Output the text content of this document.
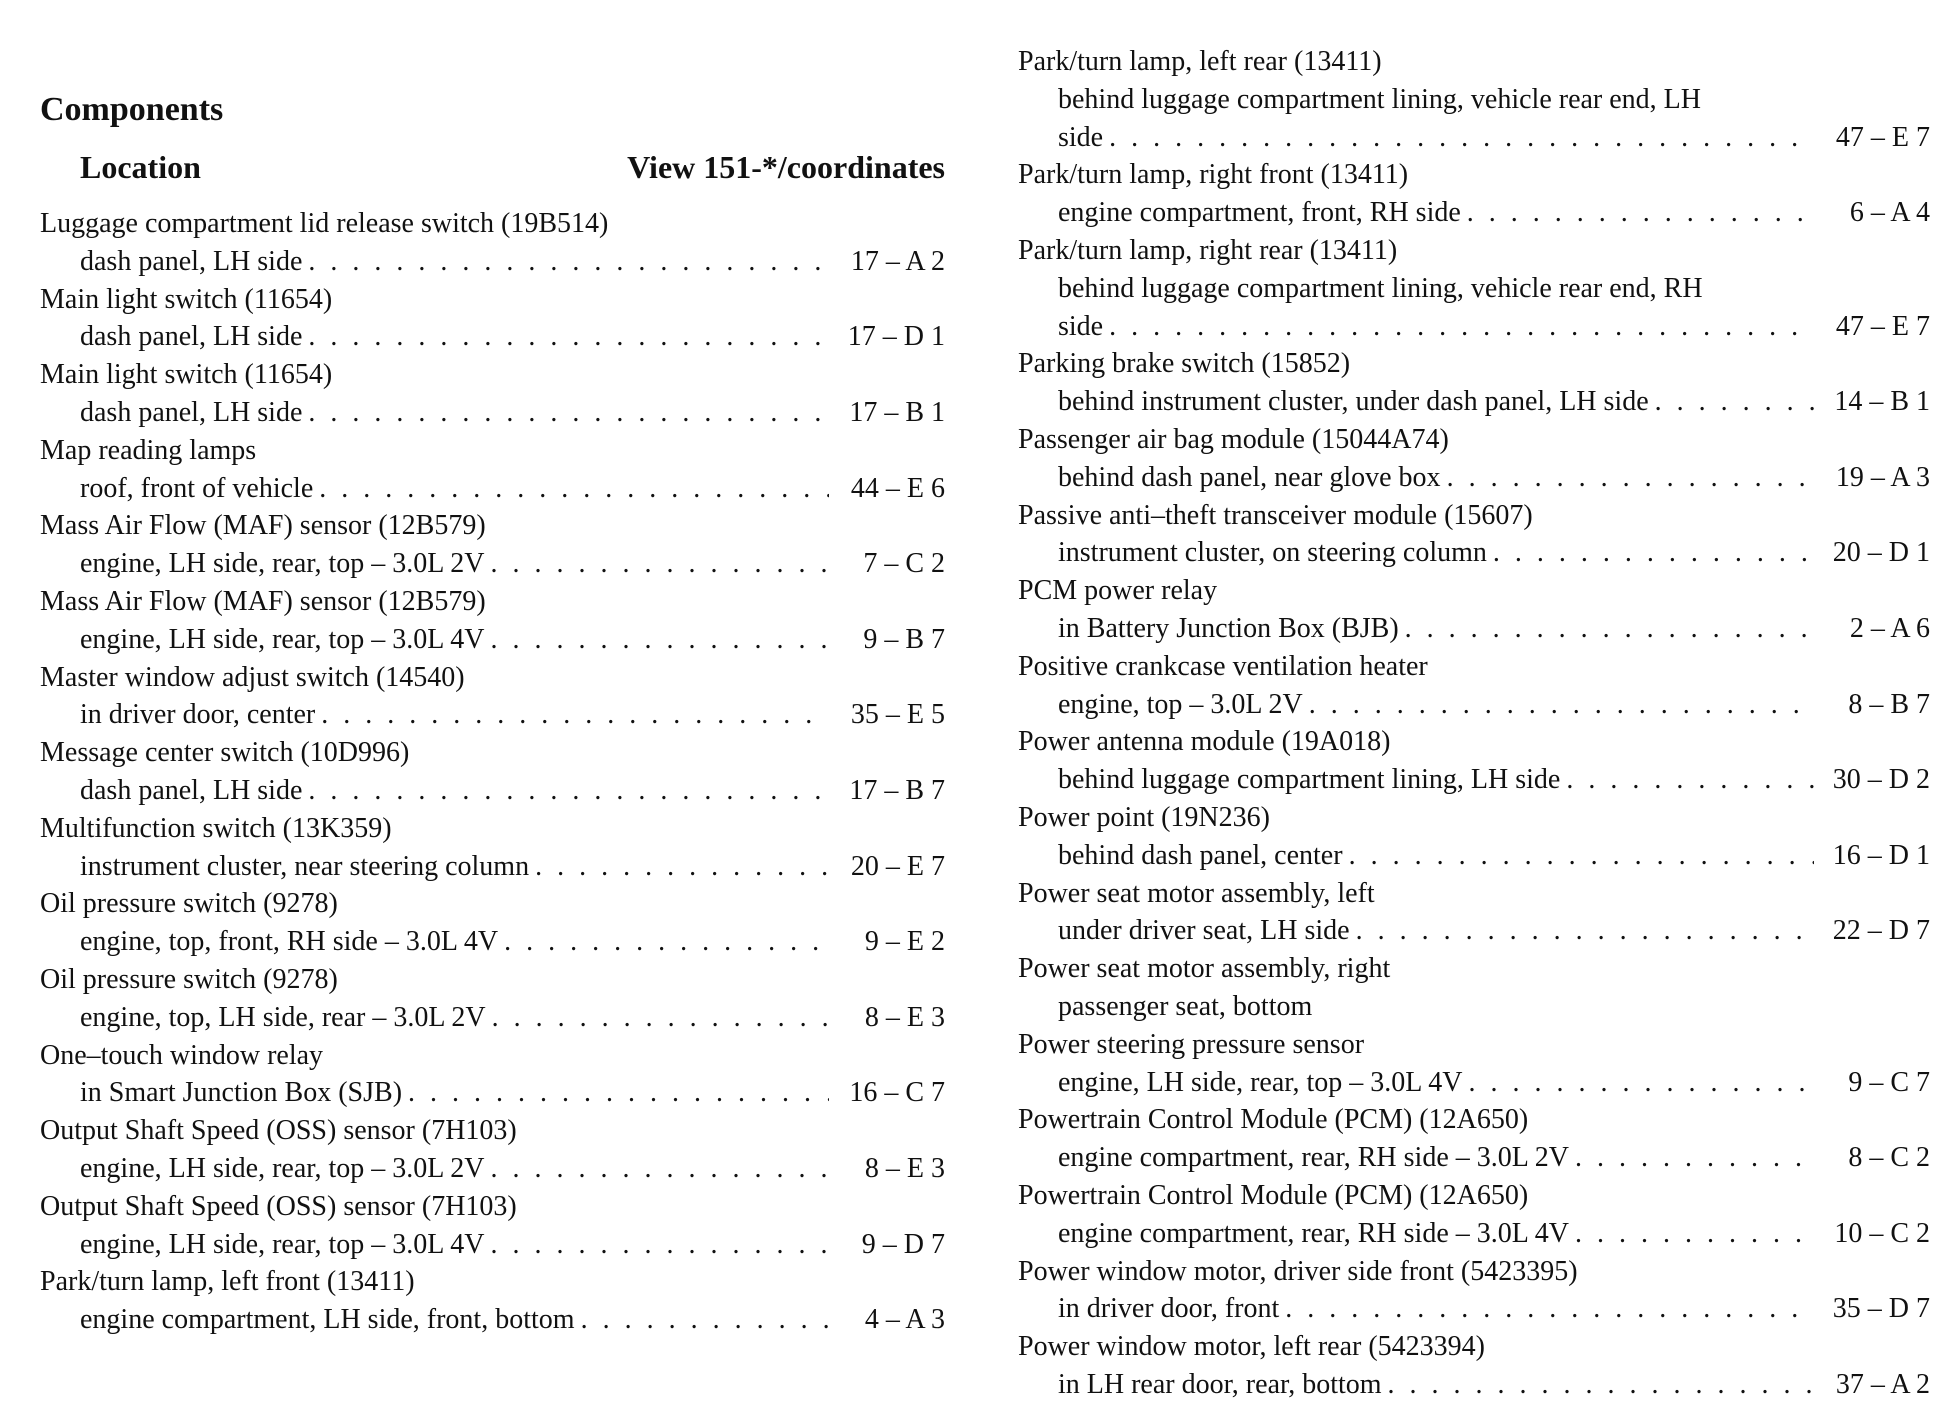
Components
Location	View 151-*/coordinates
Luggage compartment lid release switch (19B514)
dash panel, LH side . . .	17 – A 2
Main light switch (11654)
dash panel, LH side . . .	17 – D 1
Main light switch (11654)
dash panel, LH side . . .	17 – B 1
Map reading lamps
roof, front of vehicle . . .	44 – E 6
Mass Air Flow (MAF) sensor (12B579)
engine, LH side, rear, top – 3.0L 2V . . .	7 – C 2
Mass Air Flow (MAF) sensor (12B579)
engine, LH side, rear, top – 3.0L 4V . . .	9 – B 7
Master window adjust switch (14540)
in driver door, center . . .	35 – E 5
Message center switch (10D996)
dash panel, LH side . . .	17 – B 7
Multifunction switch (13K359)
instrument cluster, near steering column . . .	20 – E 7
Oil pressure switch (9278)
engine, top, front, RH side – 3.0L 4V . . .	9 – E 2
Oil pressure switch (9278)
engine, top, LH side, rear – 3.0L 2V . . .	8 – E 3
One–touch window relay
in Smart Junction Box (SJB) . . .	16 – C 7
Output Shaft Speed (OSS) sensor (7H103)
engine, LH side, rear, top – 3.0L 2V . . .	8 – E 3
Output Shaft Speed (OSS) sensor (7H103)
engine, LH side, rear, top – 3.0L 4V . . .	9 – D 7
Park/turn lamp, left front (13411)
engine compartment, LH side, front, bottom . . .	4 – A 3
Park/turn lamp, left rear (13411)
behind luggage compartment lining, vehicle rear end, LH
side . . .	47 – E 7
Park/turn lamp, right front (13411)
engine compartment, front, RH side . . .	6 – A 4
Park/turn lamp, right rear (13411)
behind luggage compartment lining, vehicle rear end, RH
side . . .	47 – E 7
Parking brake switch (15852)
behind instrument cluster, under dash panel, LH side . . .	14 – B 1
Passenger air bag module (15044A74)
behind dash panel, near glove box . . .	19 – A 3
Passive anti–theft transceiver module (15607)
instrument cluster, on steering column . . .	20 – D 1
PCM power relay
in Battery Junction Box (BJB) . . .	2 – A 6
Positive crankcase ventilation heater
engine, top – 3.0L 2V . . .	8 – B 7
Power antenna module (19A018)
behind luggage compartment lining, LH side . . .	30 – D 2
Power point (19N236)
behind dash panel, center . . .	16 – D 1
Power seat motor assembly, left
under driver seat, LH side . . .	22 – D 7
Power seat motor assembly, right
passenger seat, bottom
Power steering pressure sensor
engine, LH side, rear, top – 3.0L 4V . . .	9 – C 7
Powertrain Control Module (PCM) (12A650)
engine compartment, rear, RH side – 3.0L 2V . . .	8 – C 2
Powertrain Control Module (PCM) (12A650)
engine compartment, rear, RH side – 3.0L 4V . . .	10 – C 2
Power window motor, driver side front (5423395)
in driver door, front . . .	35 – D 7
Power window motor, left rear (5423394)
in LH rear door, rear, bottom . . .	37 – A 2
